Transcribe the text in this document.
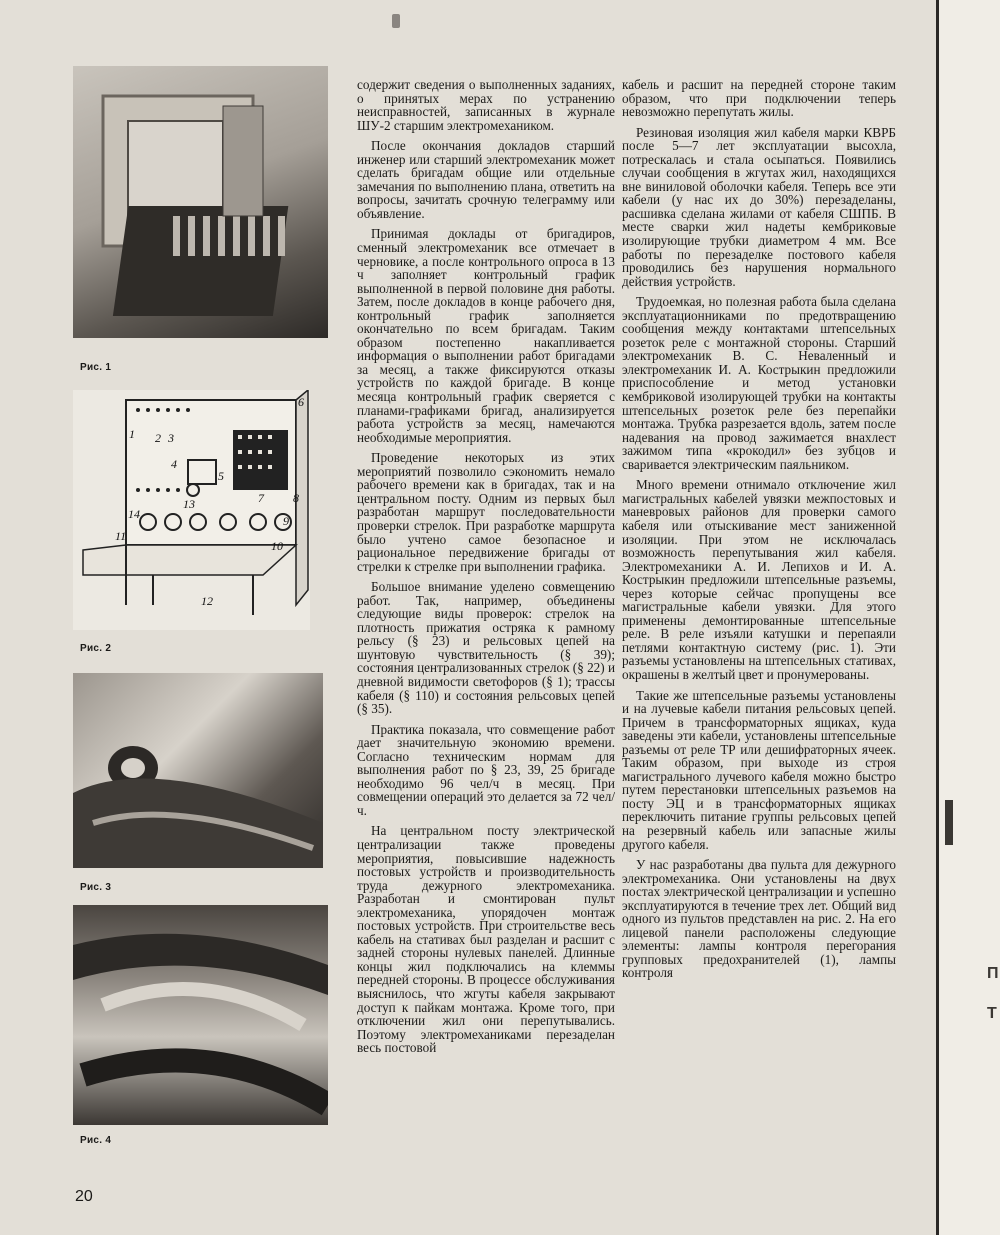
Рис. 1
1 2 3
4
5
6
7 8
9
10
11
12
13
14
Рис. 2
Рис. 3
Рис. 4
20

содержит сведения о выполненных заданиях, о принятых мерах по устранению неисправностей, записанных в журнале ШУ-2 старшим электромехаником.

После окончания докладов старший инженер или старший электромеханик может сделать бригадам общие или отдельные замечания по выполнению плана, ответить на вопросы, зачитать срочную телеграмму или объявление.

Принимая доклады от бригадиров, сменный электромеханик все отмечает в черновике, а после контрольного опроса в 13 ч заполняет контрольный график выполненной в первой половине дня работы. Затем, после докладов в конце рабочего дня, контрольный график заполняется окончательно по всем бригадам. Таким образом постепенно накапливается информация о выполнении работ бригадами за месяц, а также фиксируются отказы устройств по каждой бригаде. В конце месяца контрольный график сверяется с планами-графиками бригад, анализируется работа устройств за месяц, намечаются необходимые мероприятия.

Проведение некоторых из этих мероприятий позволило сэкономить немало рабочего времени как в бригадах, так и на центральном посту. Одним из первых был разработан маршрут последовательности проверки стрелок. При разработке маршрута было учтено самое безопасное и рациональное передвижение бригады от стрелки к стрелке при выполнении графика.

Большое внимание уделено совмещению работ. Так, например, объединены следующие виды проверок: стрелок на плотность прижатия остряка к рамному рельсу (§ 23) и рельсовых цепей на шунтовую чувствительность (§ 39); состояния централизованных стрелок (§ 22) и дневной видимости светофоров (§ 1); трассы кабеля (§ 110) и состояния рельсовых цепей (§ 35).

Практика показала, что совмещение работ дает значительную экономию времени. Согласно техническим нормам для выполнения работ по § 23, 39, 25 бригаде необходимо 96 чел/ч в месяц. При совмещении операций это делается за 72 чел/ч.

На центральном посту электрической централизации также проведены мероприятия, повысившие надежность постовых устройств и производительность труда дежурного электромеханика. Разработан и смонтирован пульт электромеханика, упорядочен монтаж постовых устройств. При строительстве весь кабель на стативах был разделан и расшит с задней стороны нулевых панелей. Длинные концы жил подключались на клеммы передней стороны. В процессе обслуживания выяснилось, что жгуты кабеля закрывают доступ к пайкам монтажа. Кроме того, при отключении жил они перепутывались. Поэтому электромеханиками перезаделан весь постовой

кабель и расшит на передней стороне таким образом, что при подключении теперь невозможно перепутать жилы.

Резиновая изоляция жил кабеля марки КВРБ после 5—7 лет эксплуатации высохла, потрескалась и стала осыпаться. Появились случаи сообщения в жгутах жил, находящихся вне виниловой оболочки кабеля. Теперь все эти кабели (у нас их до 30%) перезаделаны, расшивка сделана жилами от кабеля СШПБ. В месте сварки жил надеты кембриковые изолирующие трубки диаметром 4 мм. Все работы по перезаделке постового кабеля проводились без нарушения нормального действия устройств.

Трудоемкая, но полезная работа была сделана эксплуатационниками по предотвращению сообщения между контактами штепсельных розеток реле с монтажной стороны. Старший электромеханик В. С. Неваленный и электромеханик И. А. Кострыкин предложили приспособление и метод установки кембриковой изолирующей трубки на контакты штепсельных розеток реле без перепайки монтажа. Трубка разрезается вдоль, затем после надевания на провод зажимается внахлест зажимом типа «крокодил» без зубцов и сваривается электрическим паяльником.

Много времени отнимало отключение жил магистральных кабелей увязки межпостовых и маневровых районов для проверки самого кабеля или отыскивание мест заниженной изоляции. При этом не исключалась возможность перепутывания жил кабеля. Электромеханики А. И. Лепихов и И. А. Кострыкин предложили штепсельные разъемы, через которые сейчас пропущены все магистральные кабели увязки. Для этого применены демонтированные штепсельные реле. В реле изъяли катушки и перепаяли петлями контактную систему (рис. 1). Эти разъемы установлены на штепсельных стативах, окрашены в желтый цвет и пронумерованы.

Такие же штепсельные разъемы установлены и на лучевые кабели питания рельсовых цепей. Причем в трансформаторных ящиках, куда заведены эти кабели, установлены штепсельные разъемы от реле ТР или дешифраторных ячеек. Таким образом, при выходе из строя магистрального лучевого кабеля можно быстро путем перестановки штепсельных разъемов на посту ЭЦ и в трансформаторных ящиках переключить питание группы рельсовых цепей на резервный кабель или запасные жилы другого кабеля.

У нас разработаны два пульта для дежурного электромеханика. Они установлены на двух постах электрической централизации и успешно эксплуатируются в течение трех лет. Общий вид одного из пультов представлен на рис. 2. На его лицевой панели расположены следующие элементы: лампы контроля перегорания групповых предохранителей (1), лампы контроля	П
Т
